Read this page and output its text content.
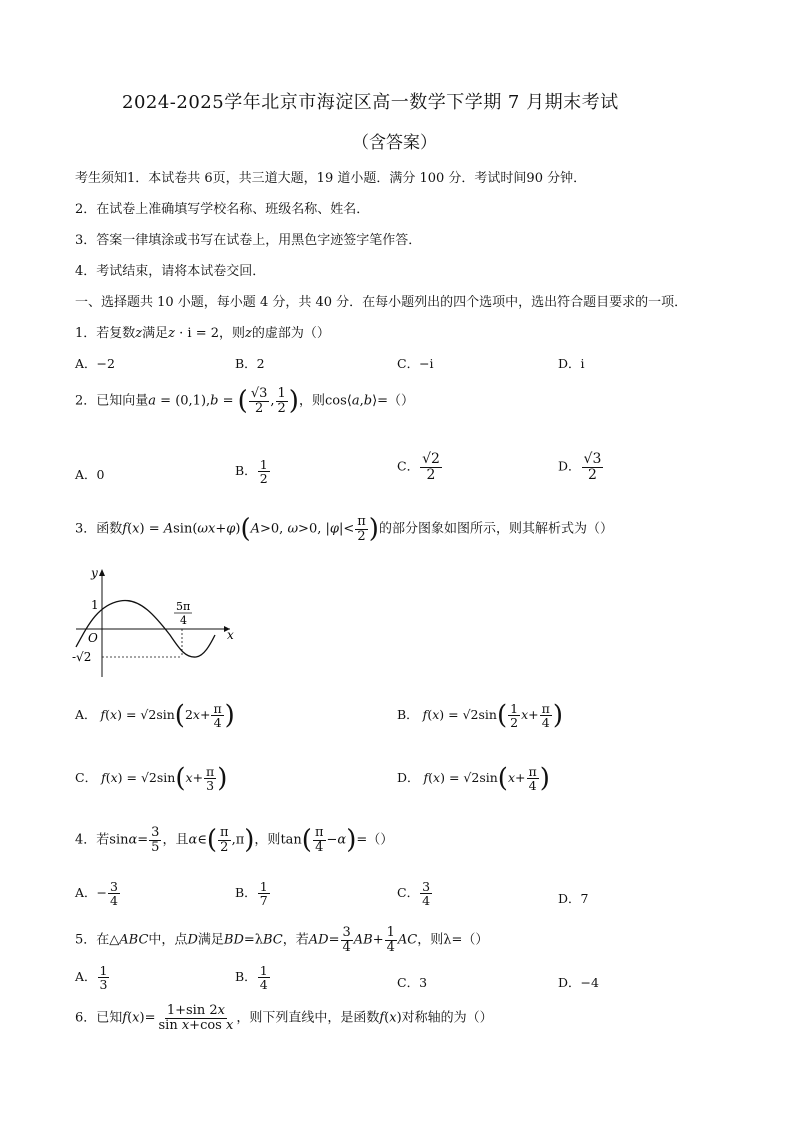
2024-2025学年北京市海淀区高一数学下学期 7 月期末考试
（含答案）
考生须知1．本试卷共 6页，共三道大题，19 道小题．满分 100 分．考试时间90 分钟．
2．在试卷上准确填写学校名称、班级名称、姓名．
3．答案一律填涂或书写在试卷上，用黑色字迹签字笔作答．
4．考试结束，请将本试卷交回．
一、选择题共 10 小题，每小题 4 分，共 40 分．在每小题列出的四个选项中，选出符合题目要求的一项．
1．若复数z满足z · i = 2，则z的虚部为（）
A．−2	B．2	C．−i	D．i
2．已知向量a = (0,1),b = ( $\frac{√3}{2}$ , $\frac{1}{2}$ )，则cos⟨a,b⟩=（）
A．0	B． $\frac{1}{2}$	C． $\frac{√2}{2}$	D． $\frac{√3}{2}$
3．函数f(x) = Asin(ωx+φ)(A>0, ω>0, $|\varphi|< \frac{\pi}{2}$ )的部分图象如图所示，则其解析式为（）
y
x
O
1
-√2
5π
4
A． $f(x) = √2\sin(2x+ \frac{\pi}{4}$ )	B． $f(x) = √2\sin( \frac{1}{2} x+ \frac{\pi}{4}$ )
C． $f(x) = √2\sin(x+ \frac{\pi}{3}$ )	D． $f(x) = √2\sin(x+ \frac{\pi}{4}$ )
4．若$\sin\alpha= \frac{3}{5}$ ，且α∈( $\frac{\pi}{2} ,\pi$)，则$\tan( \frac{\pi}{4} -\alpha)=()$
A．− $\frac{3}{4}$	B． $\frac{1}{7}$	C． $\frac{3}{4}$	D．7
5．在△ABC中，点D满足BD=λBC，若$AD= \frac{3}{4} AB+ \frac{1}{4}$ AC，则λ=（）
A． $\frac{1}{3}$	B． $\frac{1}{4}$	C．3	D．−4
6．已知$f(x)= \frac{1+\sin 2x}{\text{sin x+cos x}}$ ，则下列直线中，是函数f(x)对称轴的为（）
